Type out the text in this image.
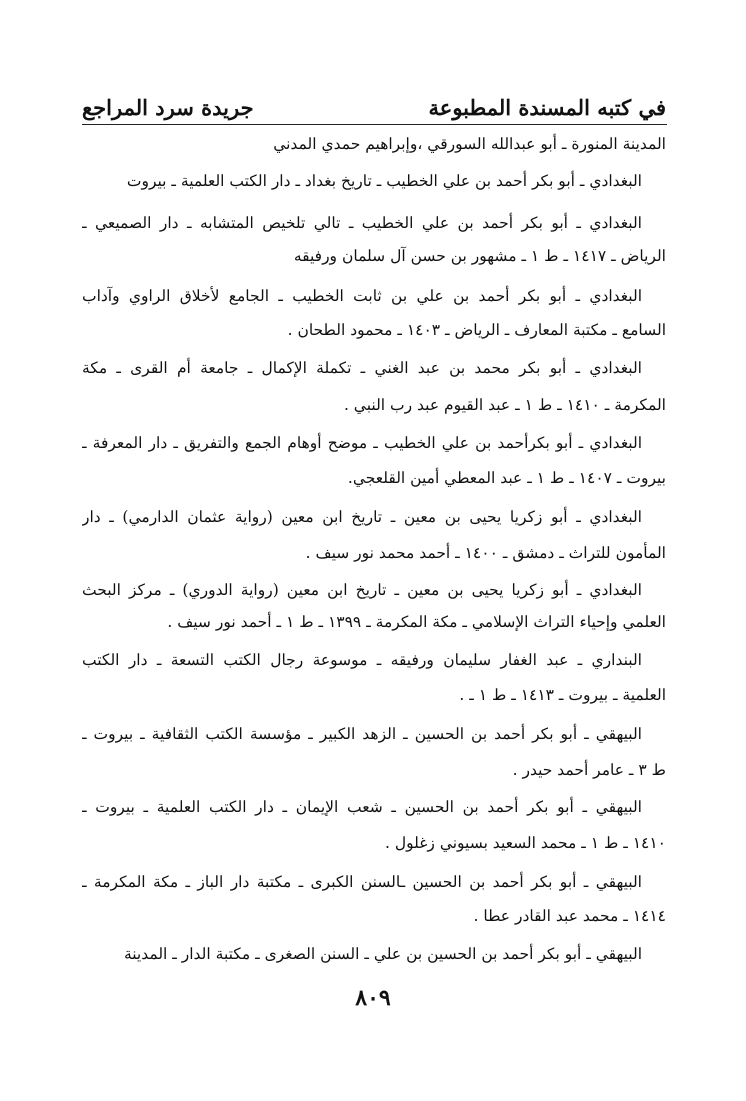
في كتبه المسندة المطبوعة
جريدة سرد المراجع
المدينة المنورة ـ أبو عبدالله السورقي ،وإبراهيم حمدي المدني
البغدادي ـ أبو بكر أحمد بن علي الخطيب ـ تاريخ بغداد ـ دار الكتب العلمية ـ بيروت
البغدادي ـ أبو بكر أحمد بن علي الخطيب ـ تالي تلخيص المتشابه ـ دار الصميعي ـ
الرياض ـ ١٤١٧ ـ ط ١ ـ مشهور بن حسن آل سلمان ورفيقه
البغدادي ـ أبو بكر أحمد بن علي بن ثابت الخطيب ـ الجامع لأخلاق الراوي وآداب
السامع ـ مكتبة المعارف ـ الرياض ـ ١٤٠٣ ـ محمود الطحان .
البغدادي ـ أبو بكر محمد بن عبد الغني ـ تكملة الإكمال ـ جامعة أم القرى ـ مكة
المكرمة ـ ١٤١٠ ـ ط ١ ـ عبد القيوم عبد رب النبي .
البغدادي ـ أبو بكرأحمد بن علي الخطيب ـ موضح أوهام الجمع والتفريق ـ دار المعرفة ـ
بيروت ـ ١٤٠٧ ـ ط ١ ـ عبد المعطي أمين القلعجي.
البغدادي ـ أبو زكريا يحيى بن معين ـ تاريخ ابن معين (رواية عثمان الدارمي) ـ دار
المأمون للتراث ـ دمشق ـ ١٤٠٠ ـ أحمد محمد نور سيف .
البغدادي ـ أبو زكريا يحيى بن معين ـ تاريخ ابن معين (رواية الدوري) ـ مركز البحث
العلمي وإحياء التراث الإسلامي ـ مكة المكرمة ـ ١٣٩٩ ـ ط ١ ـ أحمد نور سيف .
البنداري ـ عبد الغفار سليمان ورفيقه ـ موسوعة رجال الكتب التسعة ـ دار الكتب
العلمية ـ بيروت ـ ١٤١٣ ـ ط ١ ـ .
البيهقي ـ أبو بكر أحمد بن الحسين ـ الزهد الكبير ـ مؤسسة الكتب الثقافية ـ بيروت ـ
ط ٣ ـ عامر أحمد حيدر .
البيهقي ـ أبو بكر أحمد بن الحسين ـ شعب الإيمان ـ دار الكتب العلمية ـ بيروت ـ
١٤١٠ ـ ط ١ ـ محمد السعيد بسيوني زغلول .
البيهقي ـ أبو بكر أحمد بن الحسين ـالسنن الكبرى ـ مكتبة دار الباز ـ مكة المكرمة ـ
١٤١٤ ـ محمد عبد القادر عطا .
البيهقي ـ أبو بكر أحمد بن الحسين بن علي ـ السنن الصغرى ـ مكتبة الدار ـ المدينة
٨٠٩
